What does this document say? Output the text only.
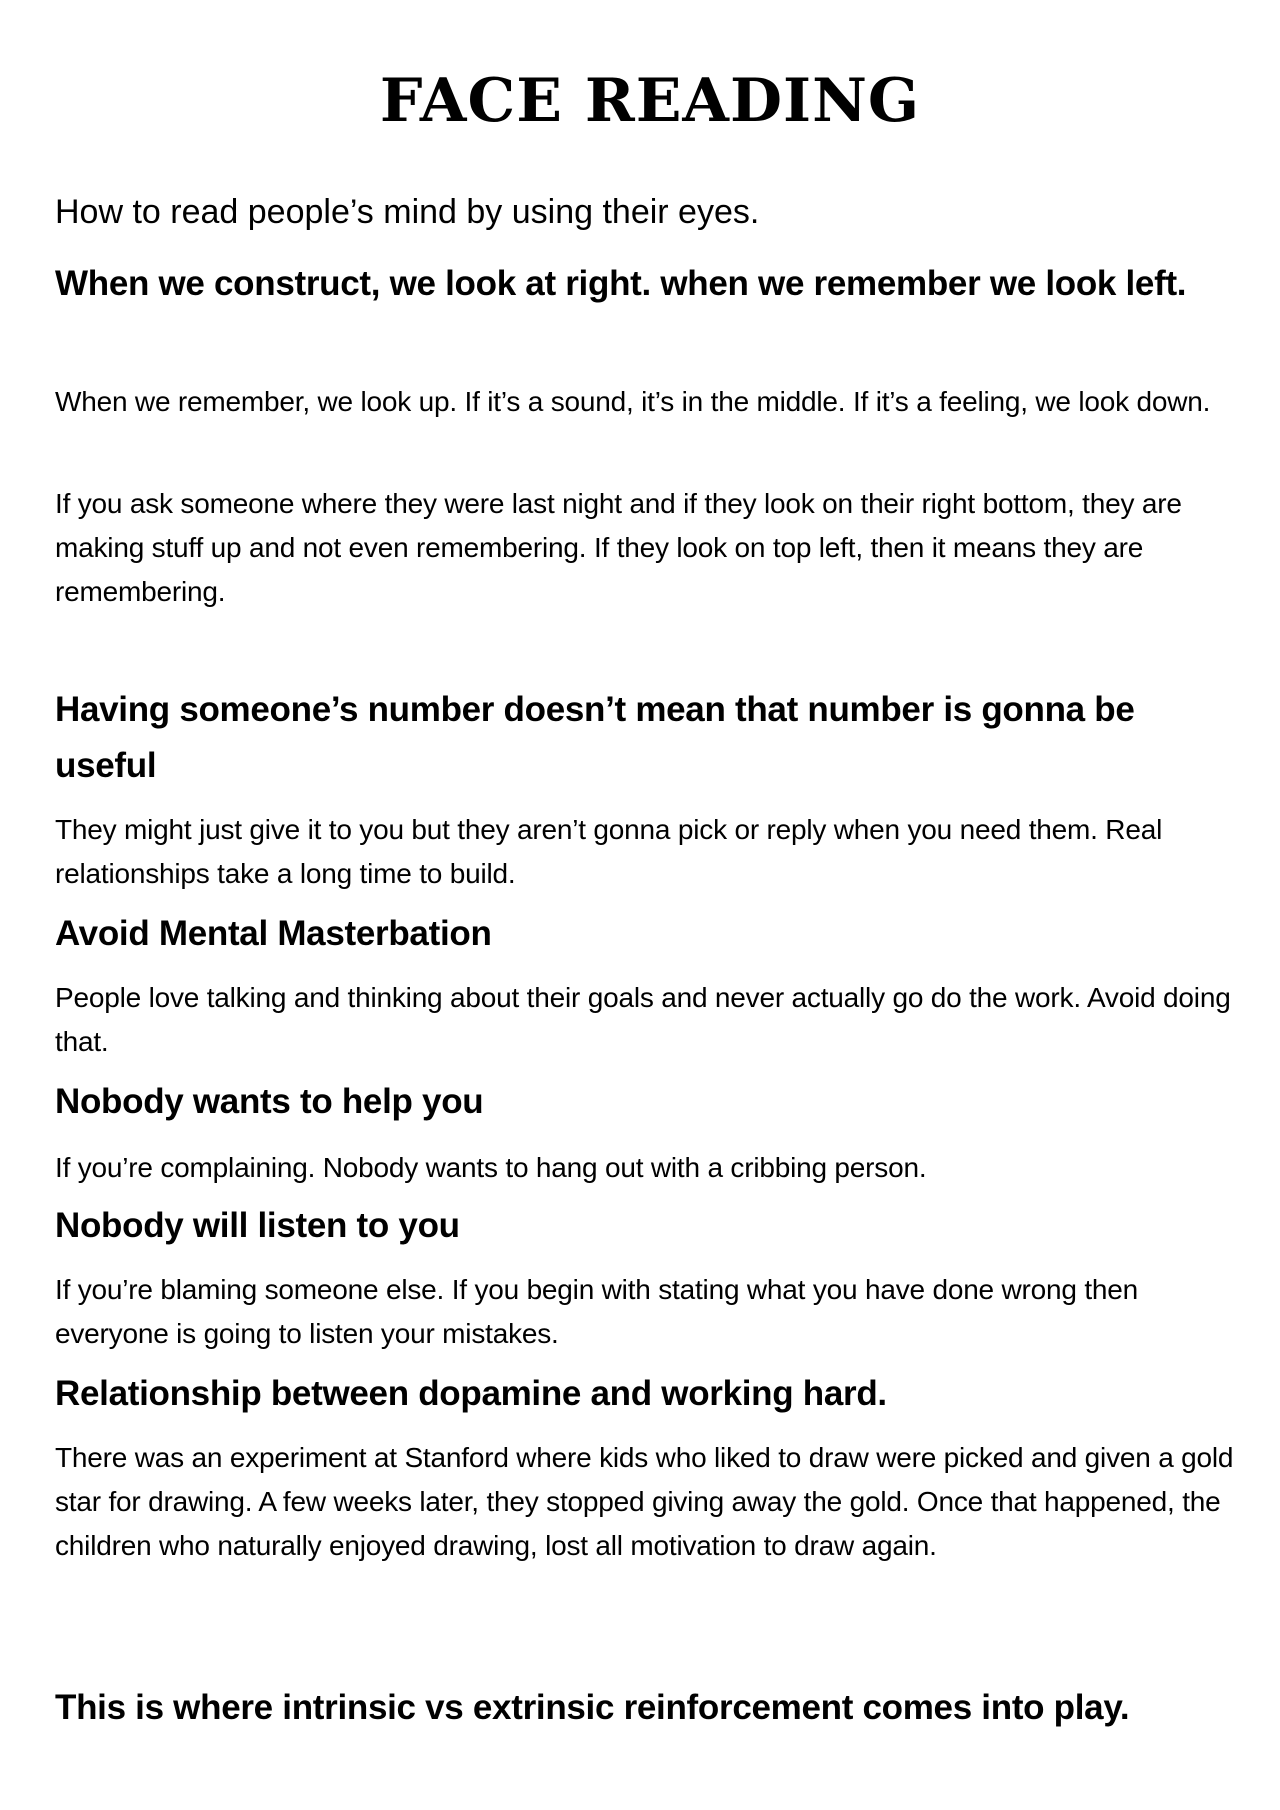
FACE READING

How to read people’s mind by using their eyes.

When we construct, we look at right. when we remember we look left.

When we remember, we look up. If it’s a sound, it’s in the middle. If it’s a feeling, we look down.

If you ask someone where they were last night and if they look on their right bottom, they are making stuff up and not even remembering. If they look on top left, then it means they are remembering.

Having someone’s number doesn’t mean that number is gonna be useful

They might just give it to you but they aren’t gonna pick or reply when you need them. Real relationships take a long time to build.

Avoid Mental Masterbation

People love talking and thinking about their goals and never actually go do the work. Avoid doing that.

Nobody wants to help you

If you’re complaining. Nobody wants to hang out with a cribbing person.

Nobody will listen to you

If you’re blaming someone else. If you begin with stating what you have done wrong then everyone is going to listen your mistakes.

Relationship between dopamine and working hard.

There was an experiment at Stanford where kids who liked to draw were picked and given a gold star for drawing. A few weeks later, they stopped giving away the gold. Once that happened, the children who naturally enjoyed drawing, lost all motivation to draw again.

This is where intrinsic vs extrinsic reinforcement comes into play.
